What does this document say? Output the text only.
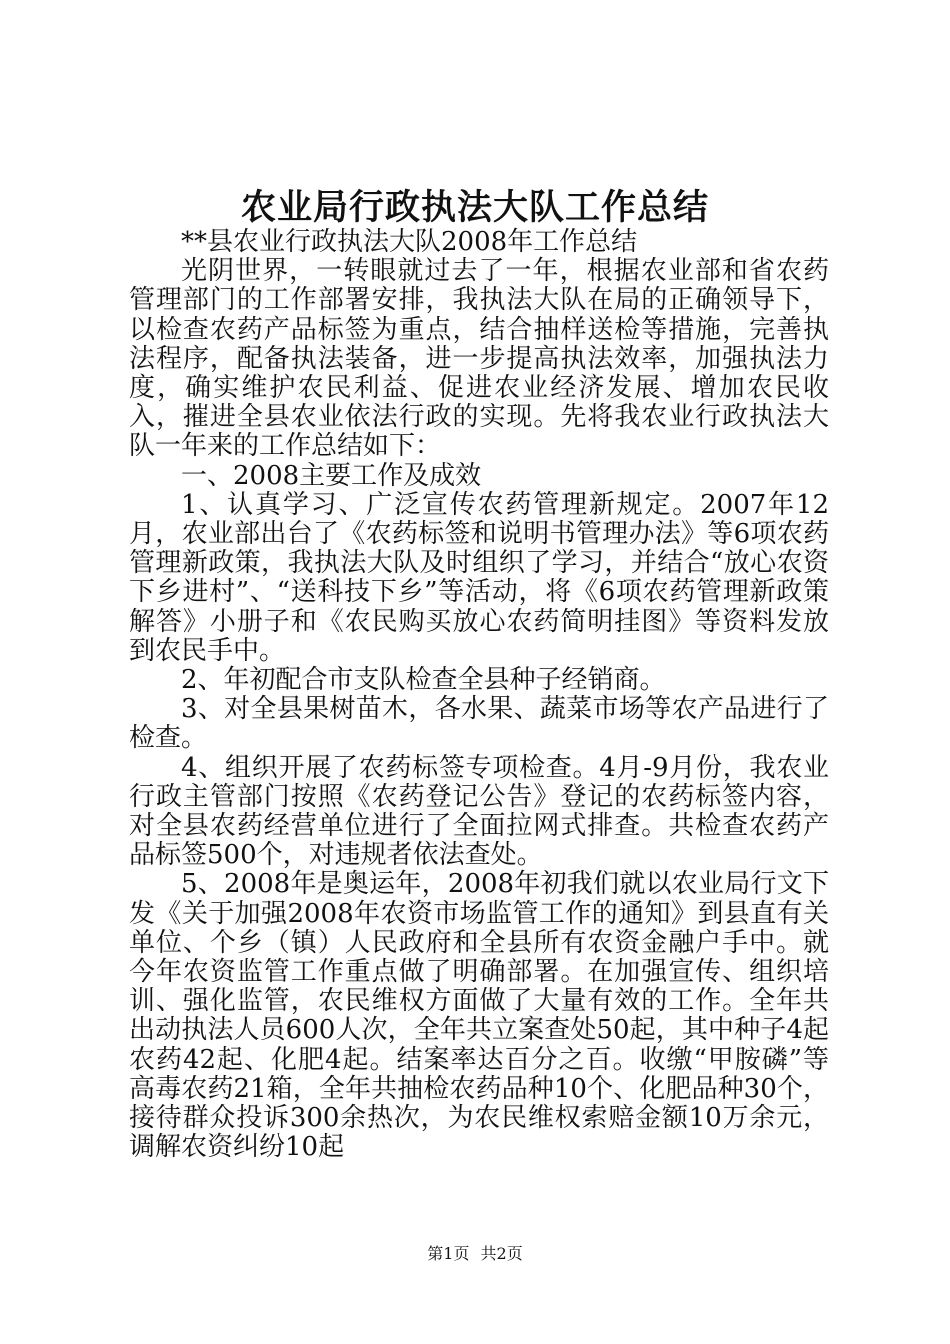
农业局行政执法大队工作总结

**县农业行政执法大队2008年工作总结

光阴世界，一转眼就过去了一年，根据农业部和省农药管理部门的工作部署安排，我执法大队在局的正确领导下，以检查农药产品标签为重点，结合抽样送检等措施，完善执法程序，配备执法装备，进一步提高执法效率，加强执法力度，确实维护农民利益、促进农业经济发展、增加农民收入，摧进全县农业依法行政的实现。先将我农业行政执法大队一年来的工作总结如下：

一、2008主要工作及成效

1、认真学习、广泛宣传农药管理新规定。2007年12月，农业部出台了《农药标签和说明书管理办法》等6项农药管理新政策，我执法大队及时组织了学习，并结合“放心农资下乡进村”、“送科技下乡”等活动，将《6项农药管理新政策解答》小册子和《农民购买放心农药简明挂图》等资料发放到农民手中。

2、年初配合市支队检查全县种子经销商。

3、对全县果树苗木，各水果、蔬菜市场等农产品进行了检查。

4、组织开展了农药标签专项检查。4月-9月份，我农业行政主管部门按照《农药登记公告》登记的农药标签内容，对全县农药经营单位进行了全面拉网式排查。共检查农药产品标签500个，对违规者依法查处。

5、2008年是奥运年，2008年初我们就以农业局行文下发《关于加强2008年农资市场监管工作的通知》到县直有关单位、个乡（镇）人民政府和全县所有农资金融户手中。就今年农资监管工作重点做了明确部署。在加强宣传、组织培训、强化监管，农民维权方面做了大量有效的工作。全年共出动执法人员600人次，全年共立案查处50起，其中种子4起农药42起、化肥4起。结案率达百分之百。收缴“甲胺磷”等高毒农药21箱，全年共抽检农药品种10个、化肥品种30个，接待群众投诉300余热次，为农民维权索赔金额10万余元，调解农资纠纷10起

第1页 共2页
